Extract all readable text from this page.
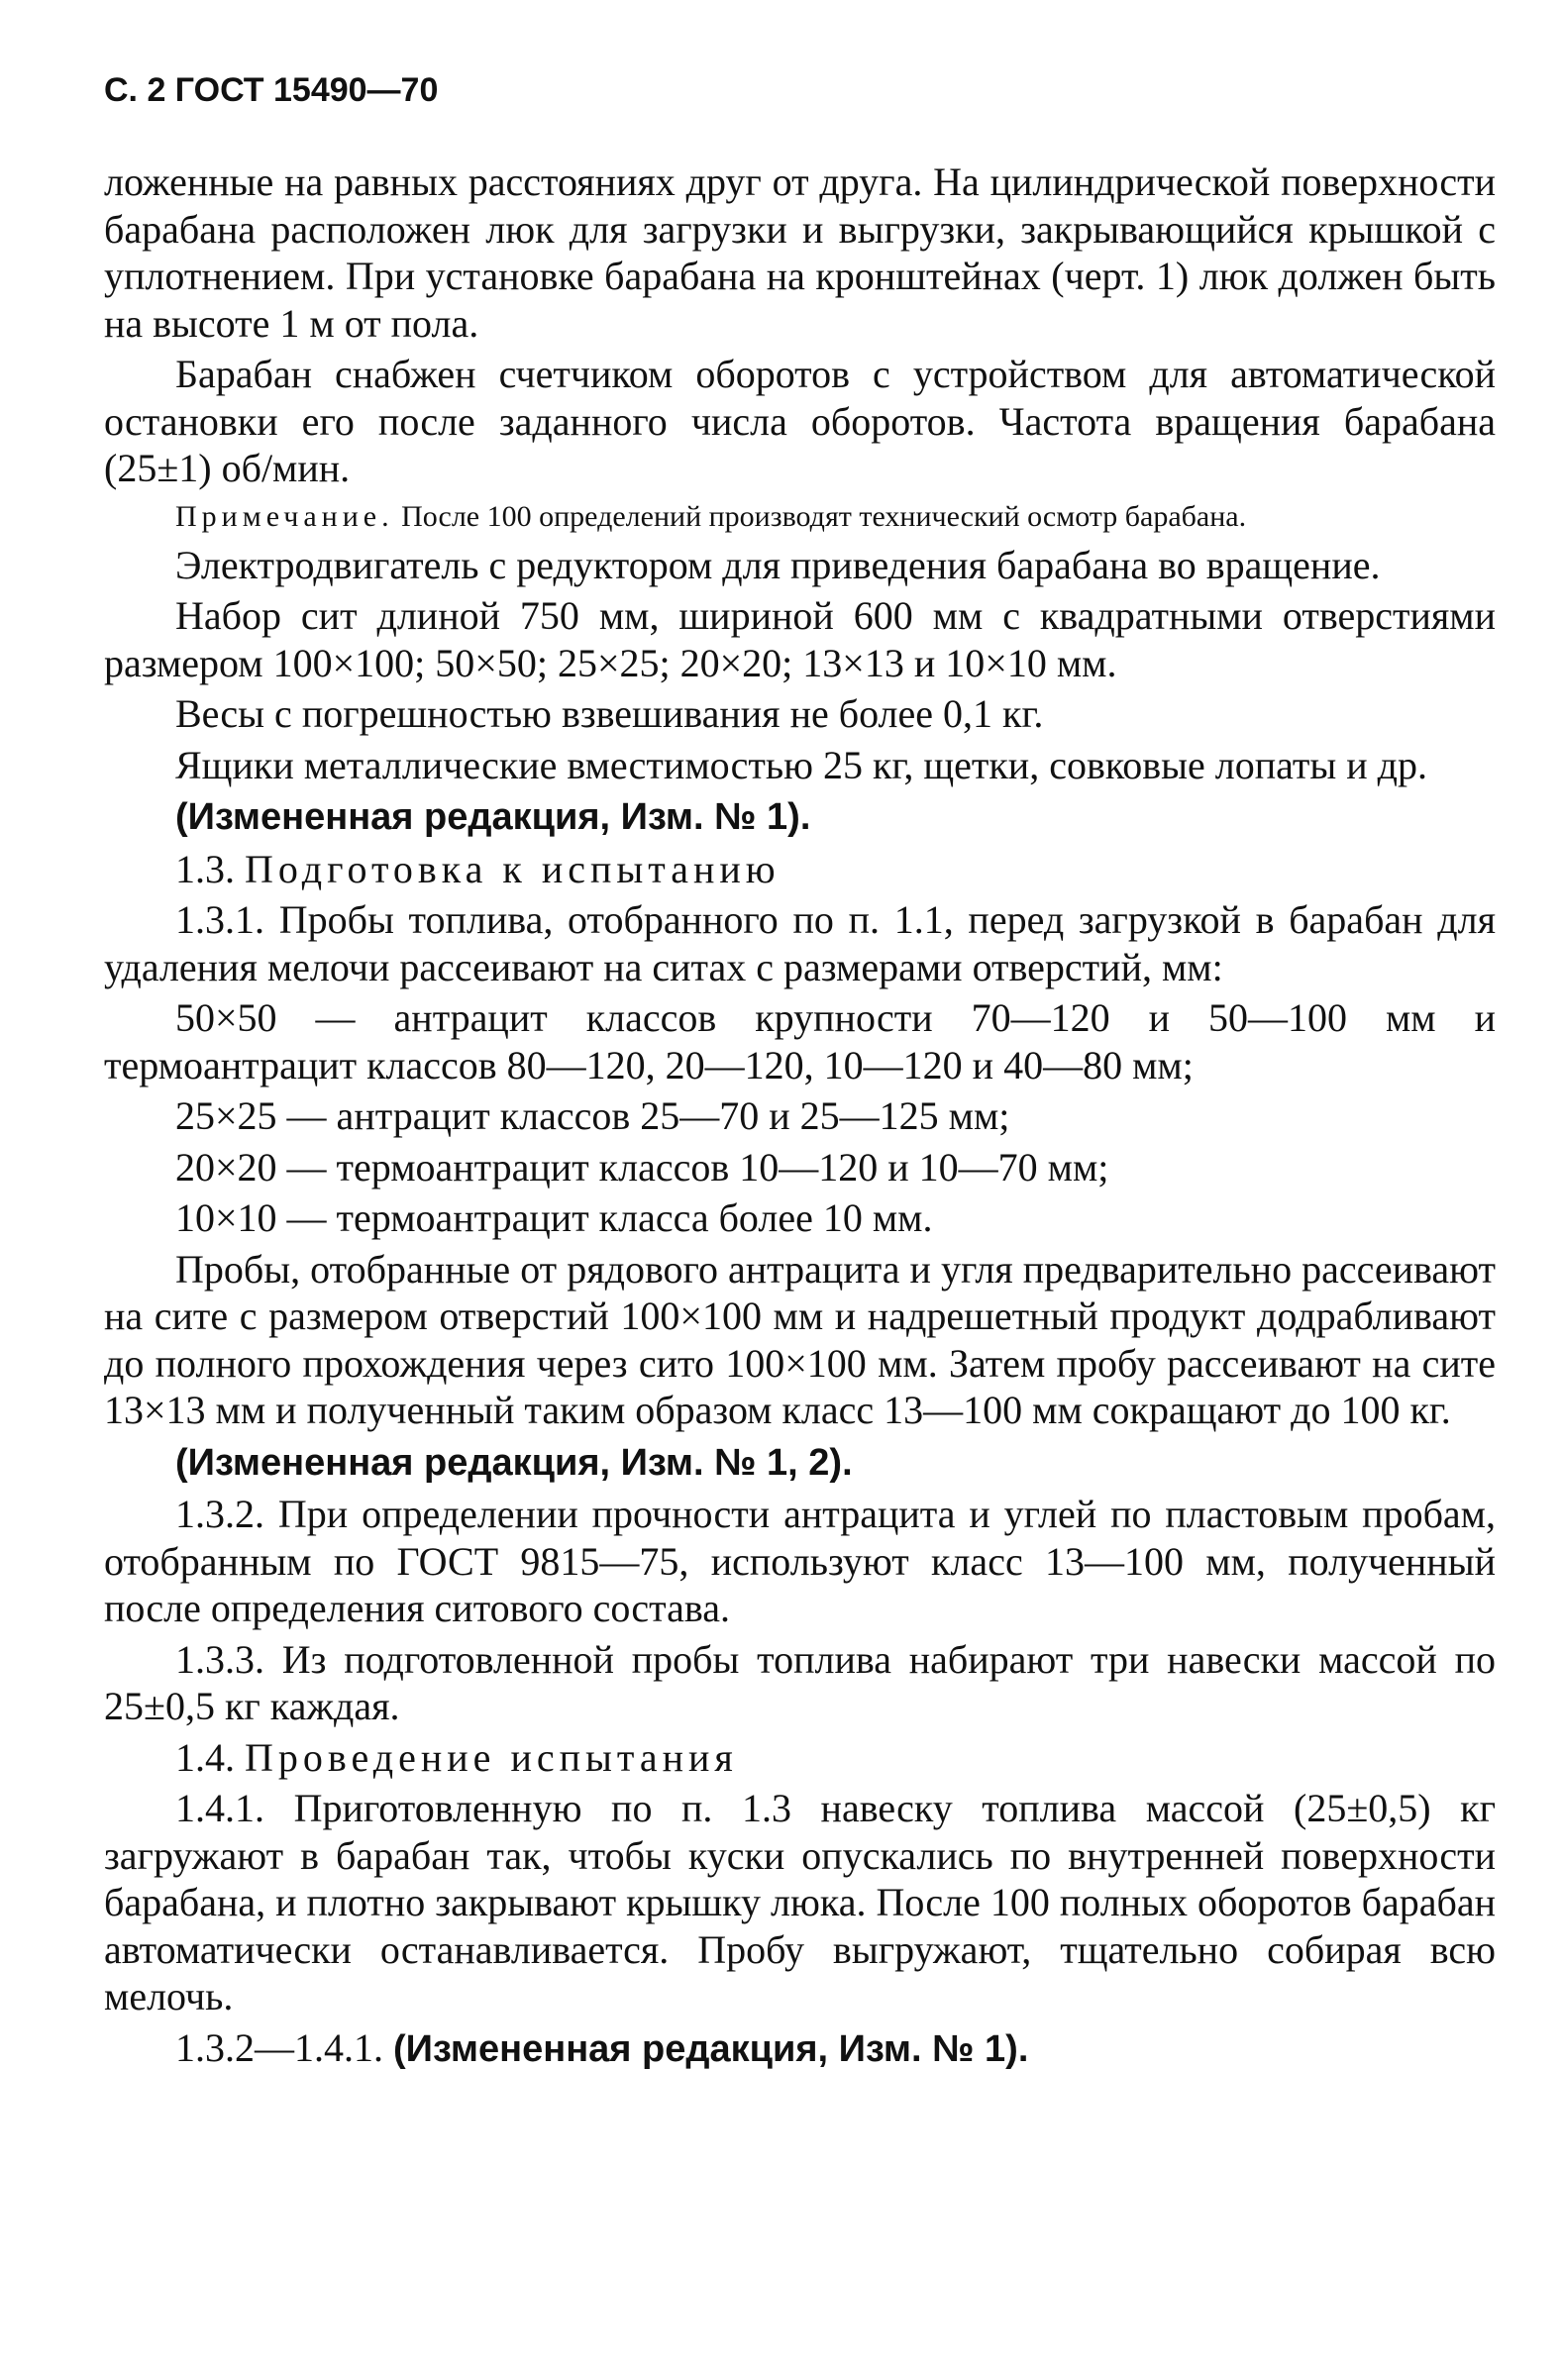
С. 2 ГОСТ 15490—70

ложенные на равных расстояниях друг от друга. На цилиндрической поверхности барабана расположен люк для загрузки и выгрузки, закрывающийся крышкой с уплотнением. При установке барабана на кронштейнах (черт. 1) люк должен быть на высоте 1 м от пола.

Барабан снабжен счетчиком оборотов с устройством для автоматической остановки его после заданного числа оборотов. Частота вращения барабана (25±1) об/мин.

Примечание. После 100 определений производят технический осмотр барабана.

Электродвигатель с редуктором для приведения барабана во вращение.

Набор сит длиной 750 мм, шириной 600 мм с квадратными отверстиями размером 100×100; 50×50; 25×25; 20×20; 13×13 и 10×10 мм.

Весы с погрешностью взвешивания не более 0,1 кг.

Ящики металлические вместимостью 25 кг, щетки, совковые лопаты и др.

(Измененная редакция, Изм. № 1).

1.3. Подготовка к испытанию

1.3.1. Пробы топлива, отобранного по п. 1.1, перед загрузкой в барабан для удаления мелочи рассеивают на ситах с размерами отверстий, мм:

50×50 — антрацит классов крупности 70—120 и 50—100 мм и термоантрацит классов 80—120, 20—120, 10—120 и 40—80 мм;

25×25 — антрацит классов 25—70 и 25—125 мм;

20×20 — термоантрацит классов 10—120 и 10—70 мм;

10×10 — термоантрацит класса более 10 мм.

Пробы, отобранные от рядового антрацита и угля предварительно рассеивают на сите с размером отверстий 100×100 мм и надрешетный продукт додрабливают до полного прохождения через сито 100×100 мм. Затем пробу рассеивают на сите 13×13 мм и полученный таким образом класс 13—100 мм сокращают до 100 кг.

(Измененная редакция, Изм. № 1, 2).

1.3.2. При определении прочности антрацита и углей по пластовым пробам, отобранным по ГОСТ 9815—75, используют класс 13—100 мм, полученный после определения ситового состава.

1.3.3. Из подготовленной пробы топлива набирают три навески массой по 25±0,5 кг каждая.

1.4. Проведение испытания

1.4.1. Приготовленную по п. 1.3 навеску топлива массой (25±0,5) кг загружают в барабан так, чтобы куски опускались по внутренней поверхности барабана, и плотно закрывают крышку люка. После 100 полных оборотов барабан автоматически останавливается. Пробу выгружают, тщательно собирая всю мелочь.

1.3.2—1.4.1. (Измененная редакция, Изм. № 1).
